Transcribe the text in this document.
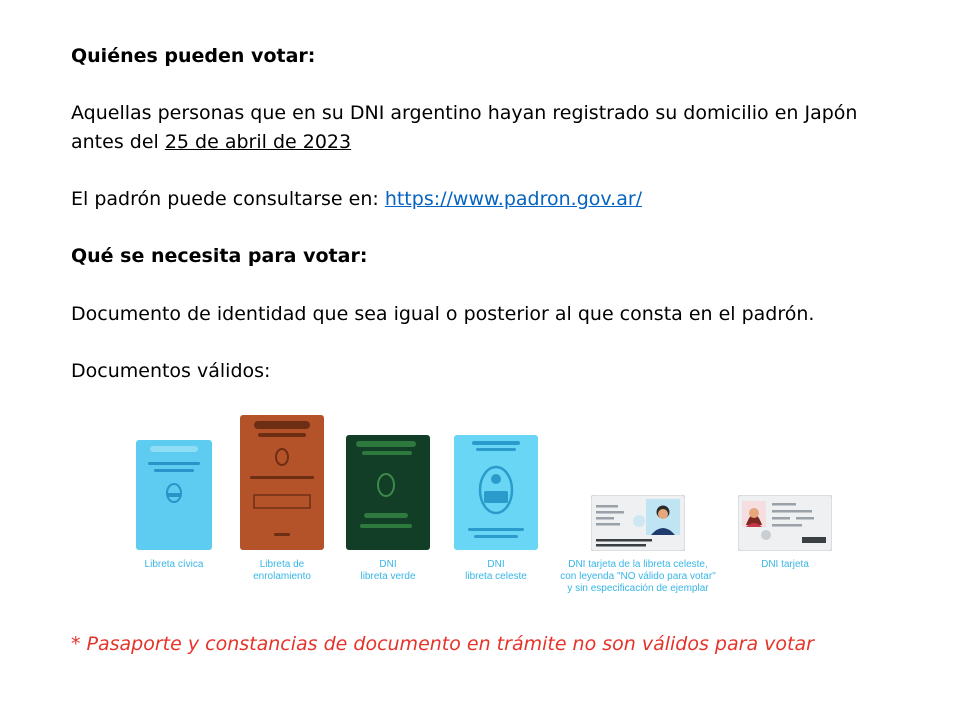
Quiénes pueden votar:
Aquellas personas que en su DNI argentino hayan registrado su domicilio en Japón
antes del 25 de abril de 2023
El padrón puede consultarse en: https://www.padron.gov.ar/
Qué se necesita para votar:
Documento de identidad que sea igual o posterior al que consta en el padrón.
Documentos válidos:
Libreta cívica	Libreta de
enrolamiento
DNI
libreta verde
DNI
libreta celeste
DNI tarjeta de la libreta celeste,
con leyenda "NO válido para votar"
y sin especificación de ejemplar
DNI tarjeta
* Pasaporte y constancias de documento en trámite no son válidos para votar
